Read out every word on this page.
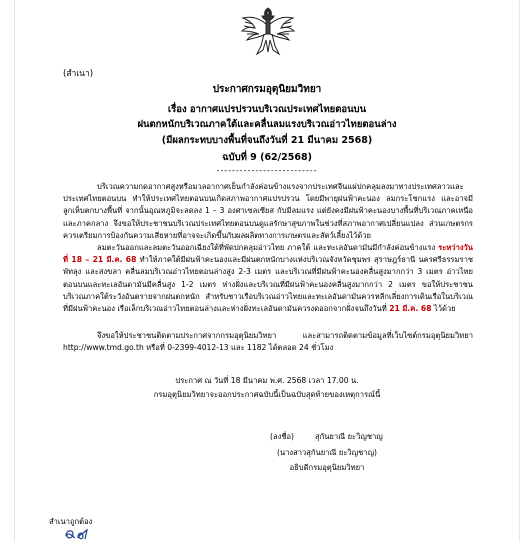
(สำเนา)
ประกาศกรมอุตุนิยมวิทยา
เรื่อง อากาศแปรปรวนบริเวณประเทศไทยตอนบน
ฝนตกหนักบริเวณภาคใต้และคลื่นลมแรงบริเวณอ่าวไทยตอนล่าง
(มีผลกระทบบางพื้นที่จนถึงวันที่ 21 มีนาคม 2568)
ฉบับที่ 9 (62/2568)
--------------------------
บริเวณความกดอากาศสูงหรือมวลอากาศเย็นกำลังค่อนข้างแรงจากประเทศจีนแผ่ปกคลุมลงมาทางประเทศลาวและประเทศไทยตอนบน ทำให้ประเทศไทยตอนบนเกิดสภาพอากาศแปรปรวน โดยมีพายุฝนฟ้าคะนอง ลมกระโชกแรง และอาจมีลูกเห็บตกบางพื้นที่ จากนั้นอุณหภูมิจะลดลง 1 – 3 องศาเซลเซียส กับมีลมแรง แต่ยังคงมีฝนฟ้าคะนองบางพื้นที่บริเวณภาคเหนือและภาคกลาง จึงขอให้ประชาชนบริเวณประเทศไทยตอนบนดูแลรักษาสุขภาพในช่วงที่สภาพอากาศเปลี่ยนแปลง ส่วนเกษตรกรควรเตรียมการป้องกันความเสียหายที่อาจจะเกิดขึ้นกับผลผลิตทางการเกษตรและสัตว์เลี้ยงไว้ด้วย
ลมตะวันออกและลมตะวันออกเฉียงใต้ที่พัดปกคลุมอ่าวไทย ภาคใต้ และทะเลอันดามันมีกำลังค่อนข้างแรง ระหว่างวันที่ 18 – 21 มี.ค. 68 ทำให้ภาคใต้มีฝนฟ้าคะนองและมีฝนตกหนักบางแห่งบริเวณจังหวัดชุมพร สุราษฎร์ธานี นครศรีธรรมราช พัทลุง และสงขลา คลื่นลมบริเวณอ่าวไทยตอนล่างสูง 2-3 เมตร และบริเวณที่มีฝนฟ้าคะนองคลื่นสูงมากกว่า 3 เมตร อ่าวไทยตอนบนและทะเลอันดามันมีคลื่นสูง 1-2 เมตร ห่างฝั่งและบริเวณที่มีฝนฟ้าคะนองคลื่นสูงมากกว่า 2 เมตร ขอให้ประชาชนบริเวณภาคใต้ระวังอันตรายจากฝนตกหนัก สำหรับชาวเรือบริเวณอ่าวไทยและทะเลอันดามันควรหลีกเลี่ยงการเดินเรือในบริเวณที่มีฝนฟ้าคะนอง เรือเล็กบริเวณอ่าวไทยตอนล่างและห่างฝั่งทะเลอันดามันควรงดออกจากฝั่งจนถึงวันที่ 21 มี.ค. 68 ไว้ด้วย
จึงขอให้ประชาชนติดตามประกาศจากกรมอุตุนิยมวิทยา และสามารถติดตามข้อมูลที่เว็บไซต์กรมอุตุนิยมวิทยา http://www.tmd.go.th หรือที่ 0-2399-4012-13 และ 1182 ได้ตลอด 24 ชั่วโมง
ประกาศ ณ วันที่ 18 มีนาคม พ.ศ. 2568 เวลา 17.00 น.
กรมอุตุนิยมวิทยาจะออกประกาศฉบับนี้เป็นฉบับสุดท้ายของเหตุการณ์นี้
(ลงชื่อ)	สุกันยาณี ยะวิญชาญ
(นางสาวสุกันยาณี ยะวิญชาญ)
อธิบดีกรมอุตุนิยมวิทยา
สำเนาถูกต้อง
